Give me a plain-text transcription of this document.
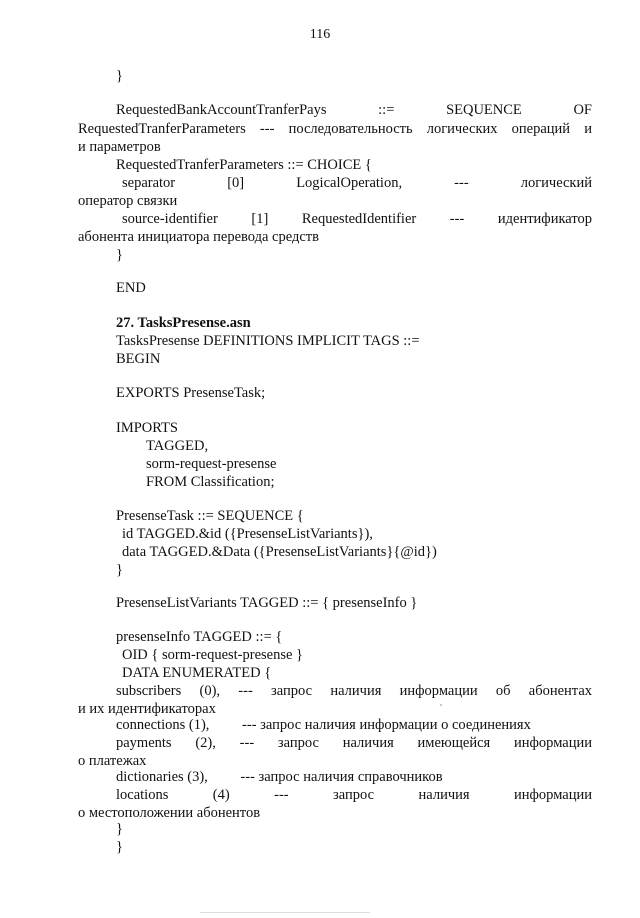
116
}
RequestedBankAccountTranferPays ::= SEQUENCE OF
RequestedTranferParameters --- последовательность логических операций и
и параметров
RequestedTranferParameters ::= CHOICE {
separator [0] LogicalOperation, --- логический
оператор связки
source-identifier [1] RequestedIdentifier --- идентификатор
абонента инициатора перевода средств
}
END
27. TasksPresense.asn
TasksPresense DEFINITIONS IMPLICIT TAGS ::=
BEGIN
EXPORTS PresenseTask;
IMPORTS
TAGGED,
sorm-request-presense
FROM Classification;
PresenseTask ::= SEQUENCE {
id TAGGED.&id ({PresenseListVariants}),
data TAGGED.&Data ({PresenseListVariants}{@id})
}
PresenseListVariants TAGGED ::= { presenseInfo }
presenseInfo TAGGED ::= {
OID { sorm-request-presense }
DATA ENUMERATED {
subscribers (0), --- запрос наличия информации об абонентах
и их идентификаторах
connections (1),         --- запрос наличия информации о соединениях
payments (2), --- запрос наличия имеющейся информации
о платежах
dictionaries (3),         --- запрос наличия справочников
locations (4) --- запрос наличия информации
о местоположении абонентов
}
}
